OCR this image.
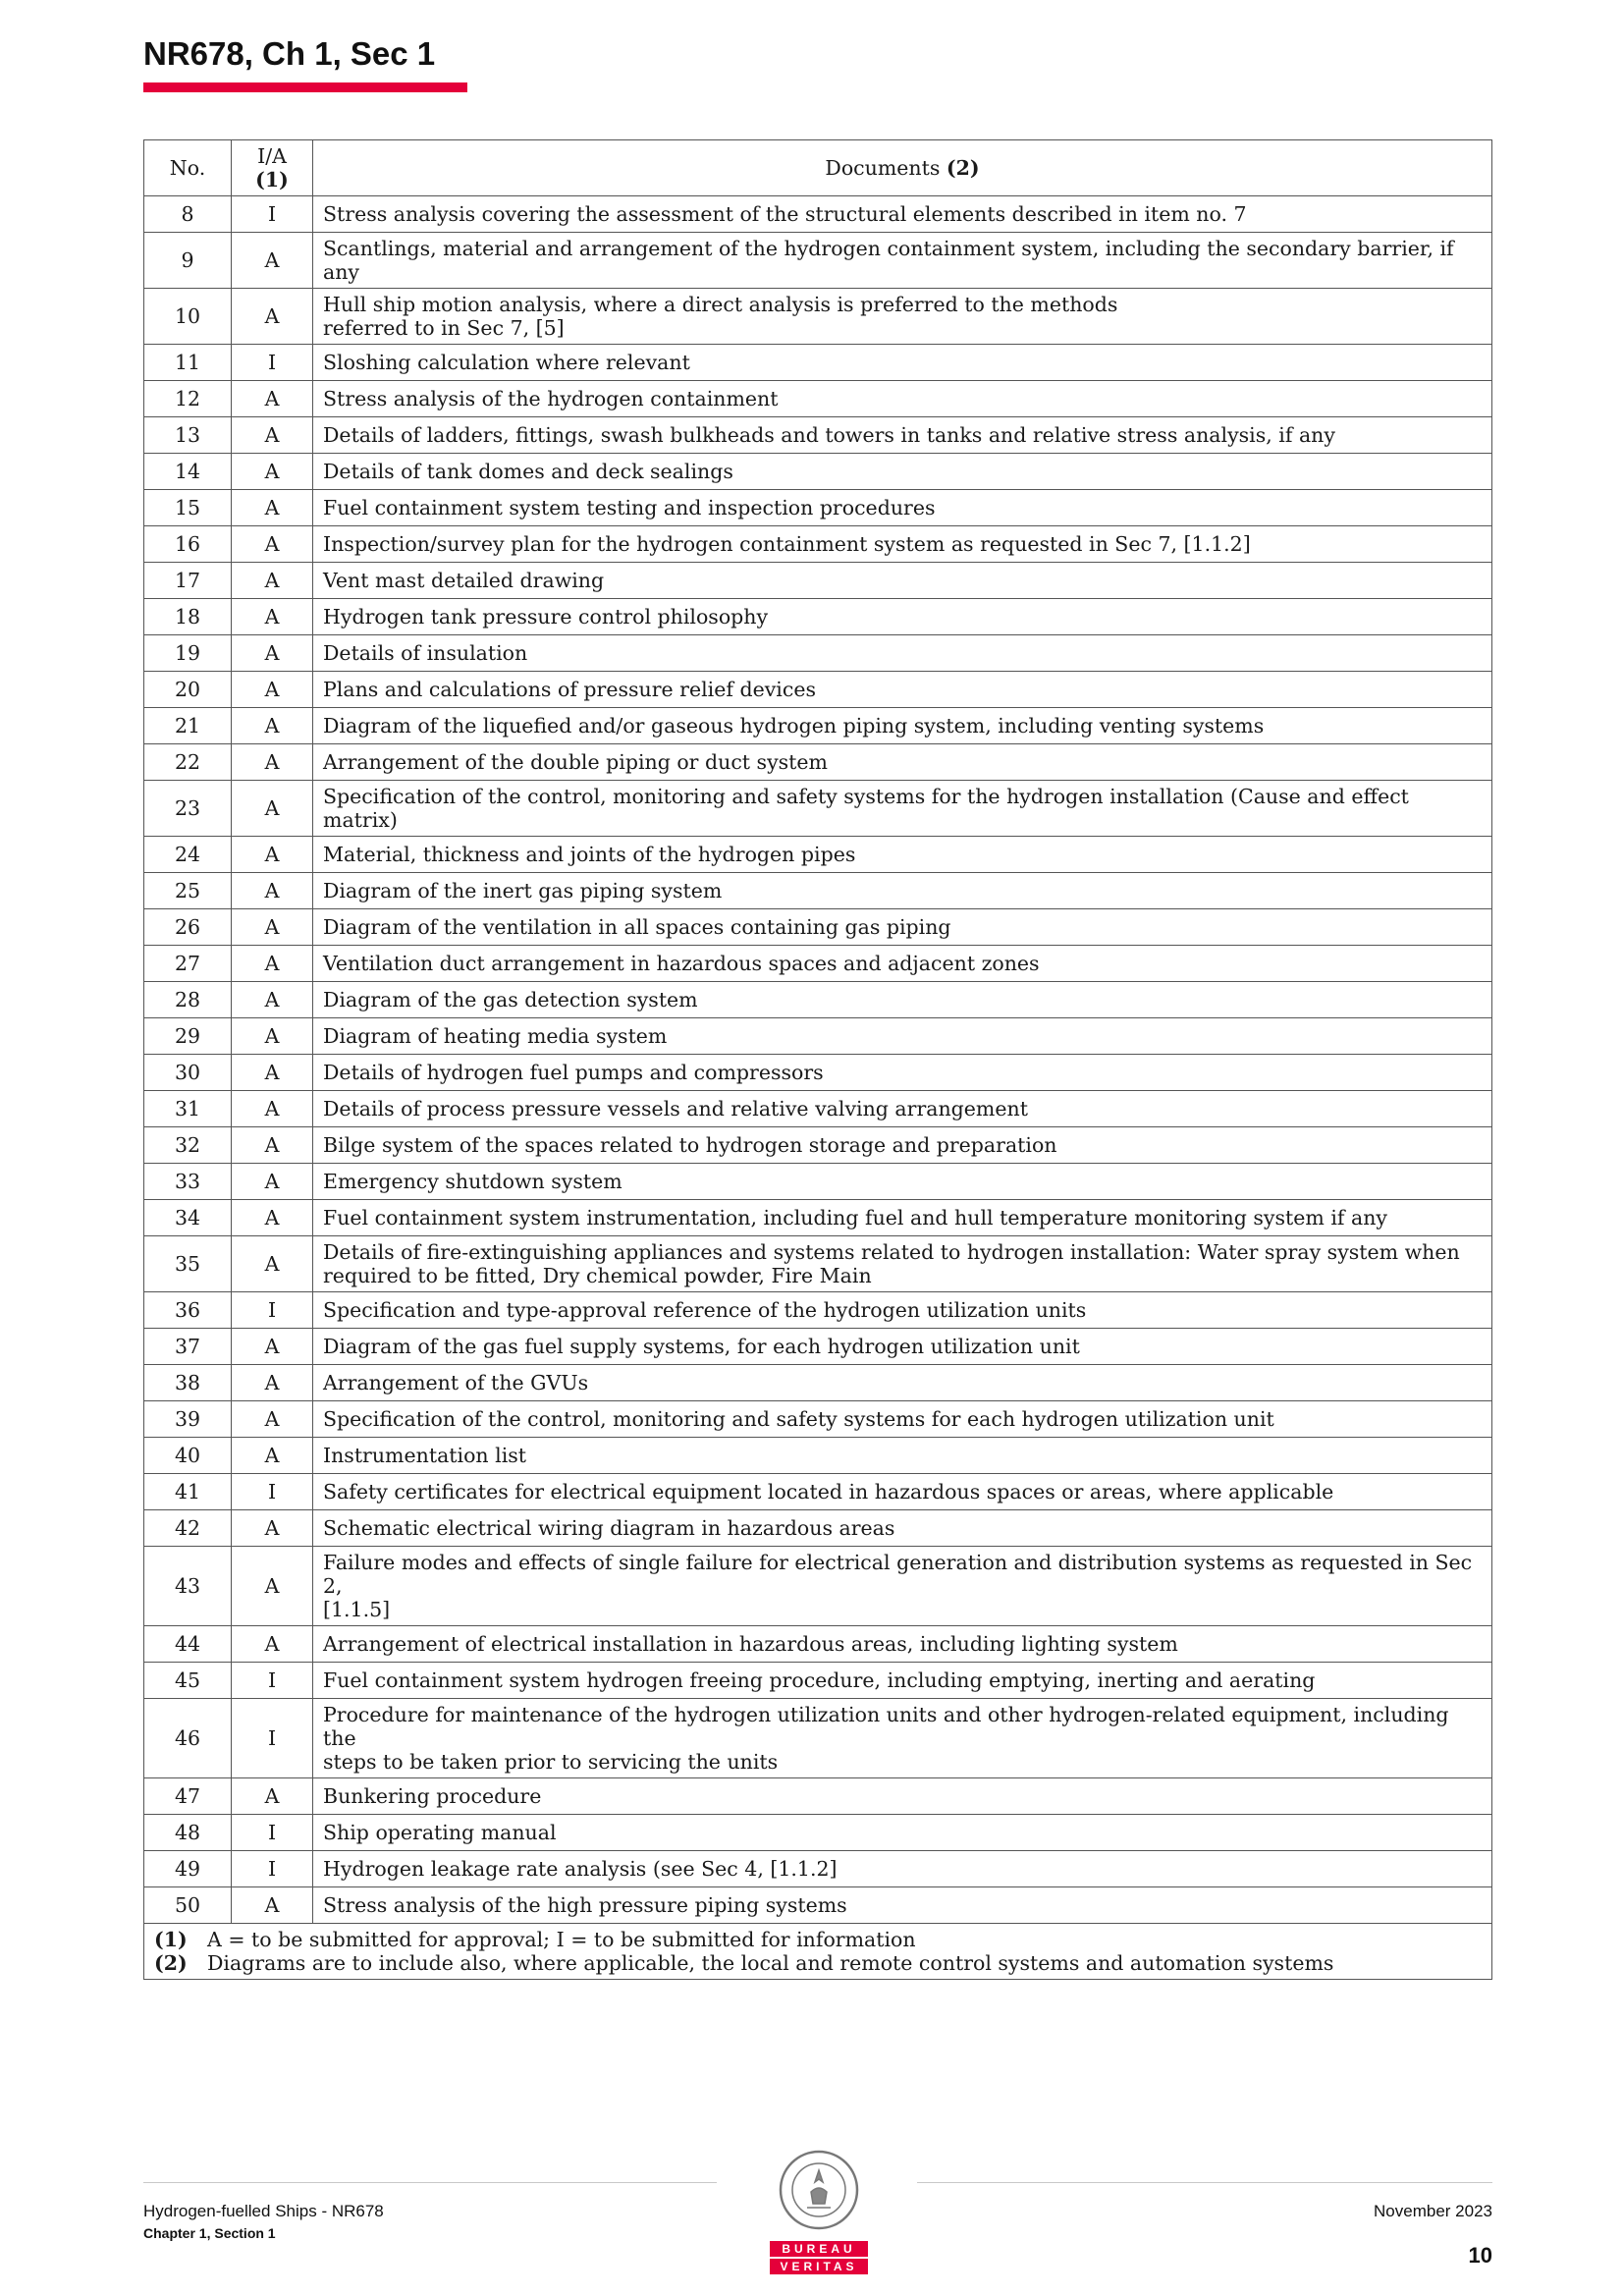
NR678, Ch 1, Sec 1
No.	I/A (1)	Documents (2)
8	I	Stress analysis covering the assessment of the structural elements described in item no. 7

9	A	Scantlings, material and arrangement of the hydrogen containment system, including the secondary barrier, if any

10	A	Hull ship motion analysis, where a direct analysis is preferred to the methods
referred to in Sec 7, [5]

11	I	Sloshing calculation where relevant

12	A	Stress analysis of the hydrogen containment

13	A	Details of ladders, fittings, swash bulkheads and towers in tanks and relative stress analysis, if any

14	A	Details of tank domes and deck sealings

15	A	Fuel containment system testing and inspection procedures

16	A	Inspection/survey plan for the hydrogen containment system as requested in Sec 7, [1.1.2]

17	A	Vent mast detailed drawing

18	A	Hydrogen tank pressure control philosophy

19	A	Details of insulation

20	A	Plans and calculations of pressure relief devices

21	A	Diagram of the liquefied and/or gaseous hydrogen piping system, including venting systems

22	A	Arrangement of the double piping or duct system

23	A	Specification of the control, monitoring and safety systems for the hydrogen installation (Cause and effect matrix)

24	A	Material, thickness and joints of the hydrogen pipes

25	A	Diagram of the inert gas piping system

26	A	Diagram of the ventilation in all spaces containing gas piping

27	A	Ventilation duct arrangement in hazardous spaces and adjacent zones

28	A	Diagram of the gas detection system

29	A	Diagram of heating media system

30	A	Details of hydrogen fuel pumps and compressors

31	A	Details of process pressure vessels and relative valving arrangement

32	A	Bilge system of the spaces related to hydrogen storage and preparation

33	A	Emergency shutdown system

34	A	Fuel containment system instrumentation, including fuel and hull temperature monitoring system if any

35	A	Details of fire-extinguishing appliances and systems related to hydrogen installation: Water spray system when
required to be fitted, Dry chemical powder, Fire Main

36	I	Specification and type-approval reference of the hydrogen utilization units

37	A	Diagram of the gas fuel supply systems, for each hydrogen utilization unit

38	A	Arrangement of the GVUs

39	A	Specification of the control, monitoring and safety systems for each hydrogen utilization unit

40	A	Instrumentation list

41	I	Safety certificates for electrical equipment located in hazardous spaces or areas, where applicable

42	A	Schematic electrical wiring diagram in hazardous areas

43	A	Failure modes and effects of single failure for electrical generation and distribution systems as requested in Sec 2,
[1.1.5]

44	A	Arrangement of electrical installation in hazardous areas, including lighting system

45	I	Fuel containment system hydrogen freeing procedure, including emptying, inerting and aerating

46	I	Procedure for maintenance of the hydrogen utilization units and other hydrogen-related equipment, including the
steps to be taken prior to servicing the units

47	A	Bunkering procedure

48	I	Ship operating manual

49	I	Hydrogen leakage rate analysis (see Sec 4, [1.1.2]

50	A	Stress analysis of the high pressure piping systems

(1) A = to be submitted for approval; I = to be submitted for information
(2) Diagrams are to include also, where applicable, the local and remote control systems and automation systems		
Hydrogen-fuelled Ships - NR678
Chapter 1, Section 1
BUREAU
VERITAS
November 2023
10
